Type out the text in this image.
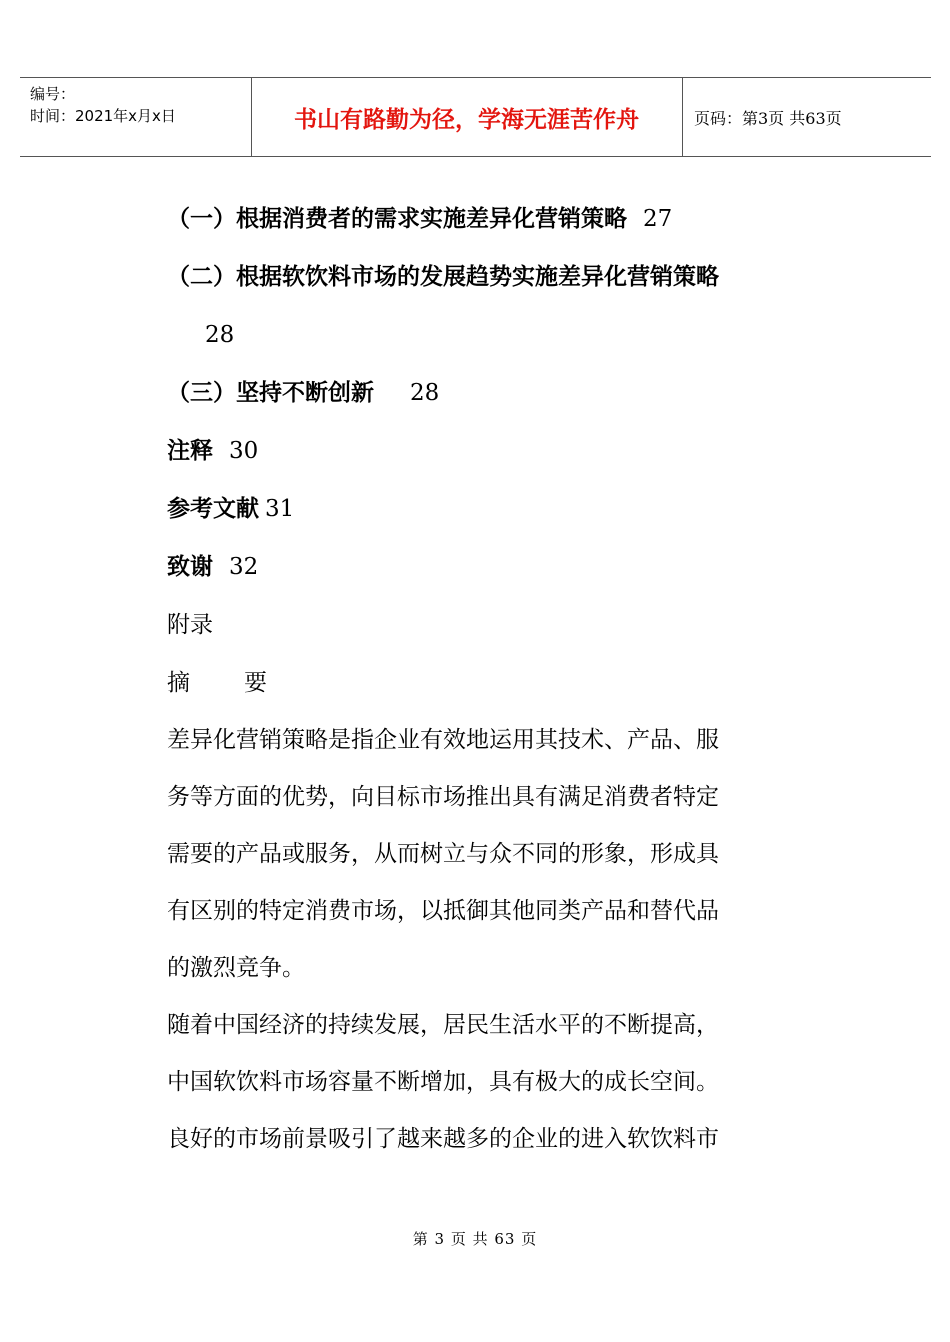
编号：
时间：2021年x月x日	书山有路勤为径，学海无涯苦作舟	页码：第3页 共63页
（一）根据消费者的需求实施差异化营销策略 27
（二）根据软饮料市场的发展趋势实施差异化营销策略
28
（三）坚持不断创新 28
注释 30
参考文献 31
致谢 32
附录
摘 要
差异化营销策略是指企业有效地运用其技术、产品、服
务等方面的优势，向目标市场推出具有满足消费者特定
需要的产品或服务，从而树立与众不同的形象，形成具
有区别的特定消费市场，以抵御其他同类产品和替代品
的激烈竞争。
随着中国经济的持续发展，居民生活水平的不断提高，
中国软饮料市场容量不断增加，具有极大的成长空间。
良好的市场前景吸引了越来越多的企业的进入软饮料市
第 3 页 共 63 页
